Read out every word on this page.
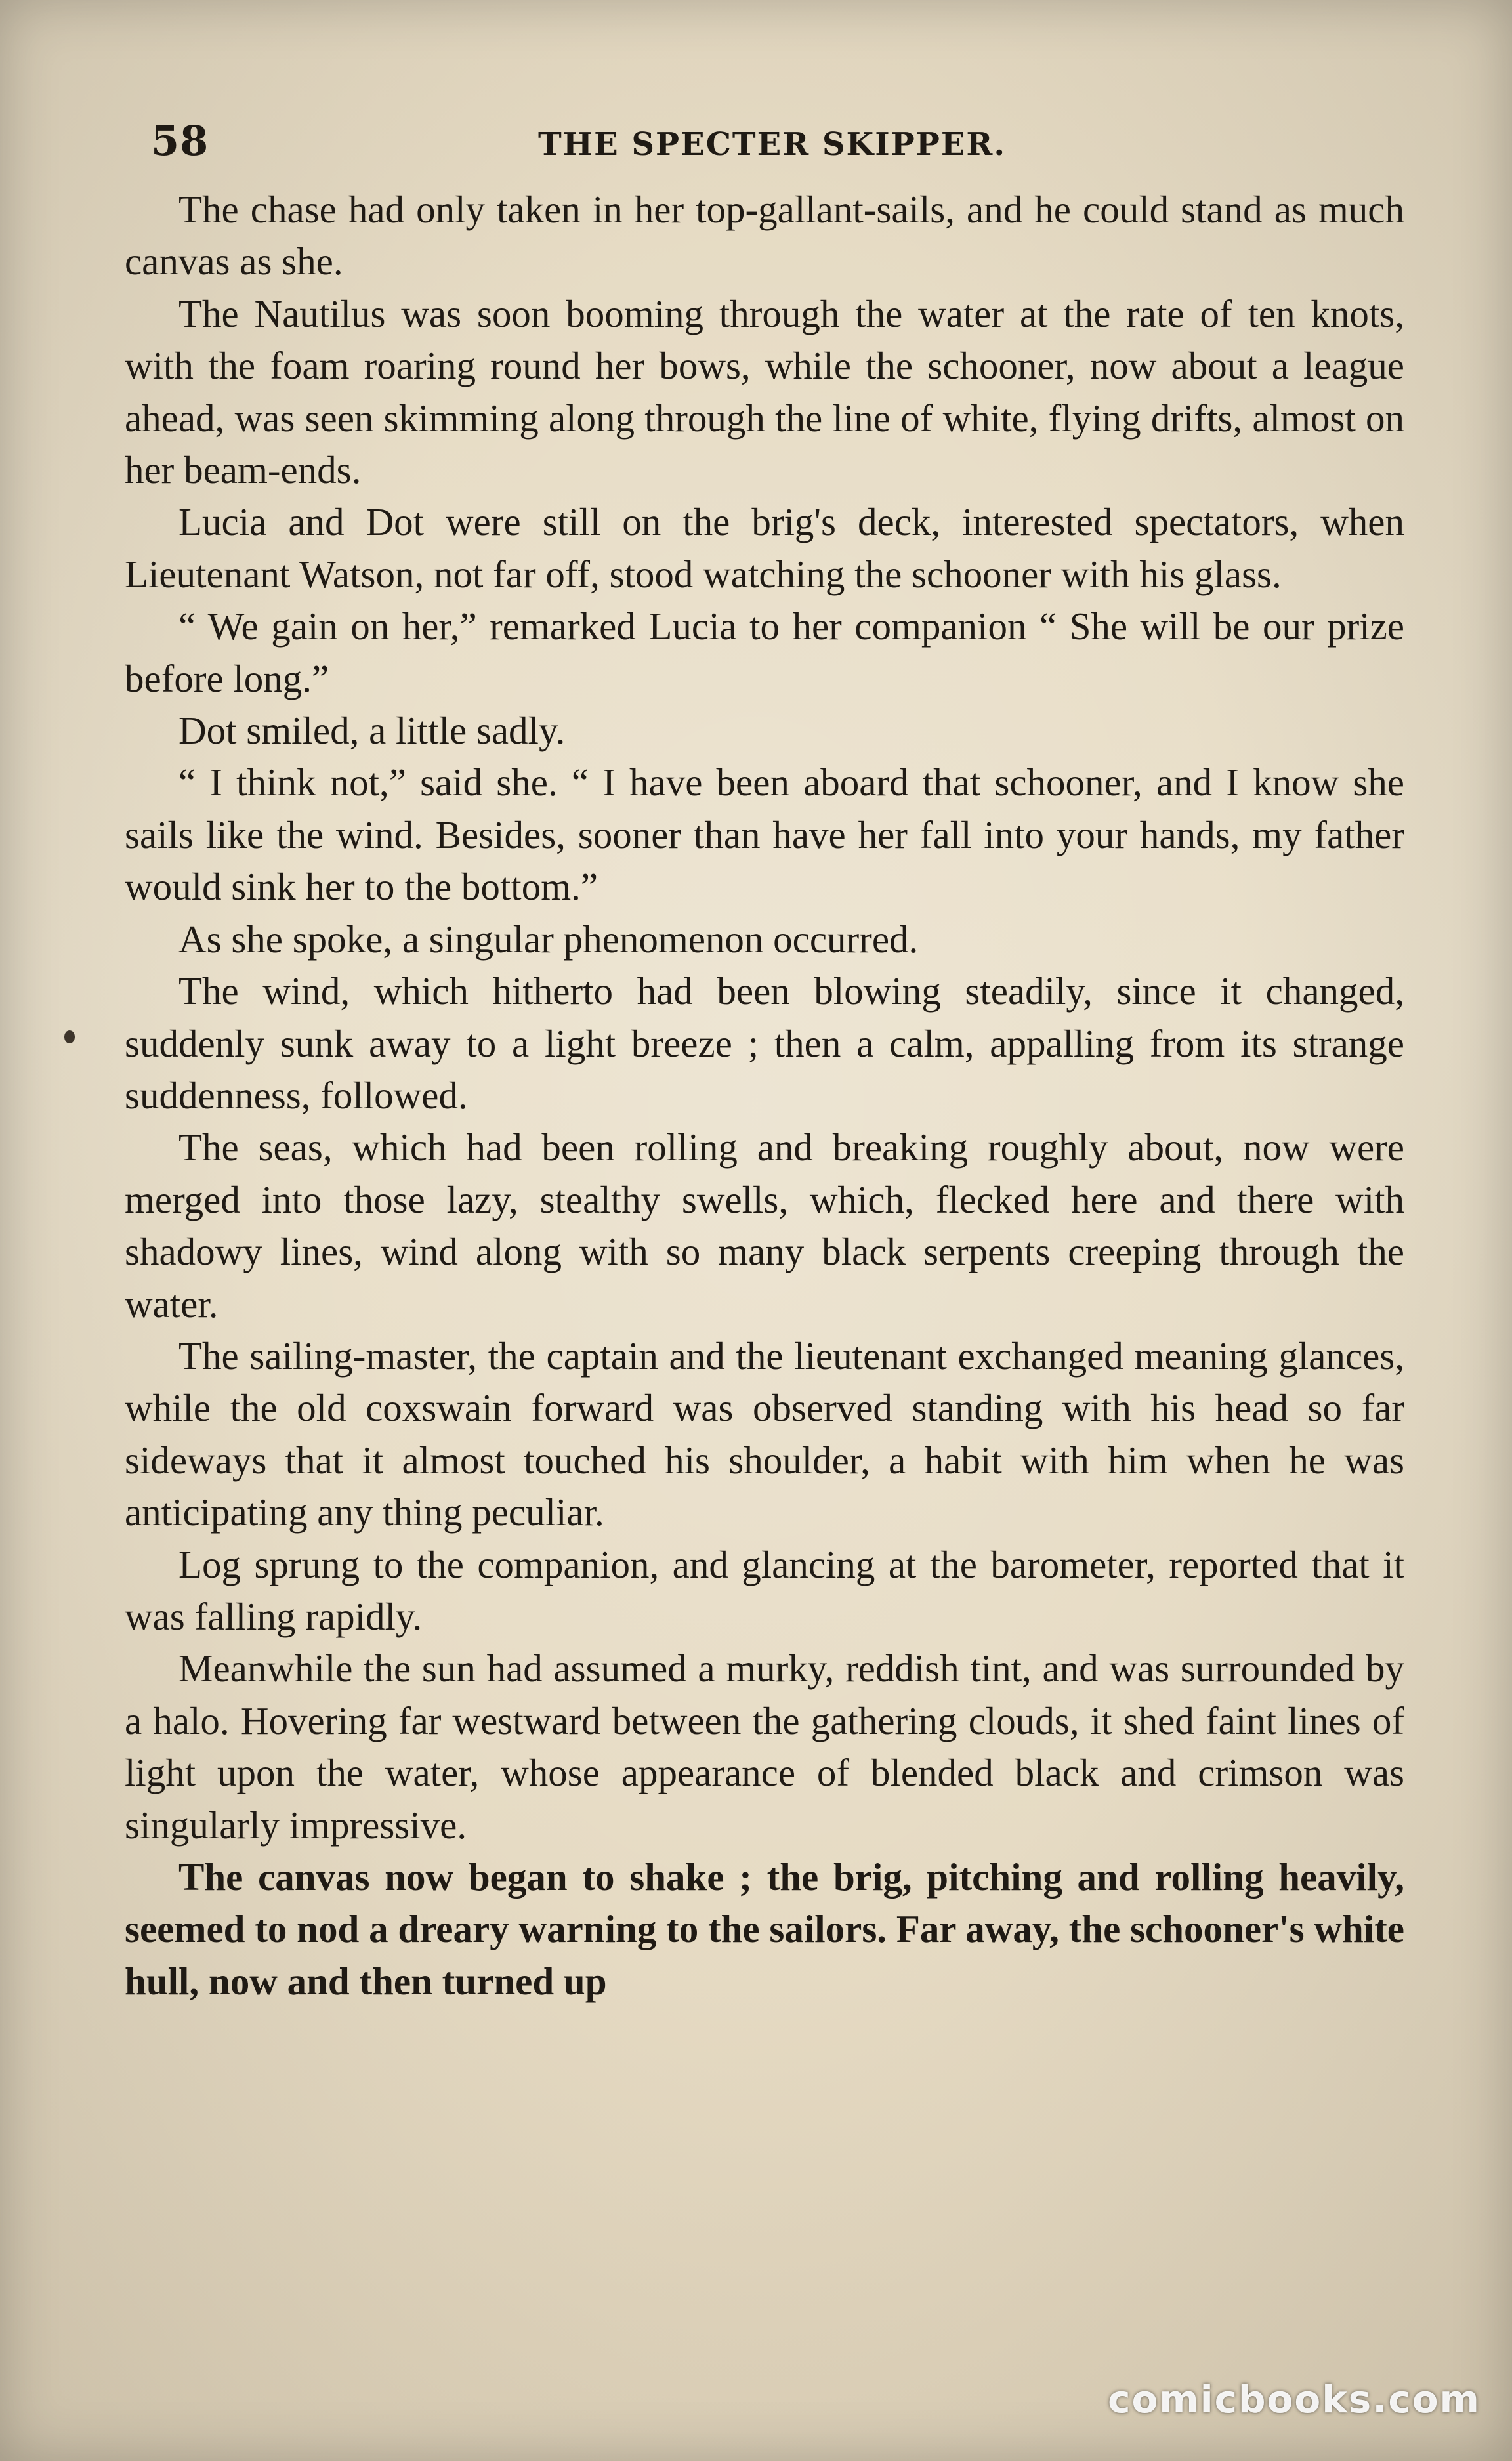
58	THE SPECTER SKIPPER.

The chase had only taken in her top-gallant-sails, and he could stand as much canvas as she.

The Nautilus was soon booming through the water at the rate of ten knots, with the foam roaring round her bows, while the schooner, now about a league ahead, was seen skimming along through the line of white, flying drifts, almost on her beam-ends.

Lucia and Dot were still on the brig's deck, interested spectators, when Lieutenant Watson, not far off, stood watching the schooner with his glass.

“ We gain on her,” remarked Lucia to her companion “ She will be our prize before long.”

Dot smiled, a little sadly.

“ I think not,” said she. “ I have been aboard that schooner, and I know she sails like the wind. Besides, sooner than have her fall into your hands, my father would sink her to the bottom.”

As she spoke, a singular phenomenon occurred.

The wind, which hitherto had been blowing steadily, since it changed, suddenly sunk away to a light breeze ; then a calm, appalling from its strange suddenness, followed.

The seas, which had been rolling and breaking roughly about, now were merged into those lazy, stealthy swells, which, flecked here and there with shadowy lines, wind along with so many black serpents creeping through the water.

The sailing-master, the captain and the lieutenant exchanged meaning glances, while the old coxswain forward was observed standing with his head so far sideways that it almost touched his shoulder, a habit with him when he was anticipating any thing peculiar.

Log sprung to the companion, and glancing at the barometer, reported that it was falling rapidly.

Meanwhile the sun had assumed a murky, reddish tint, and was surrounded by a halo. Hovering far westward between the gathering clouds, it shed faint lines of light upon the water, whose appearance of blended black and crimson was singularly impressive.

The canvas now began to shake ; the brig, pitching and rolling heavily, seemed to nod a dreary warning to the sailors. Far away, the schooner's white hull, now and then turned up

comicbooks.com
